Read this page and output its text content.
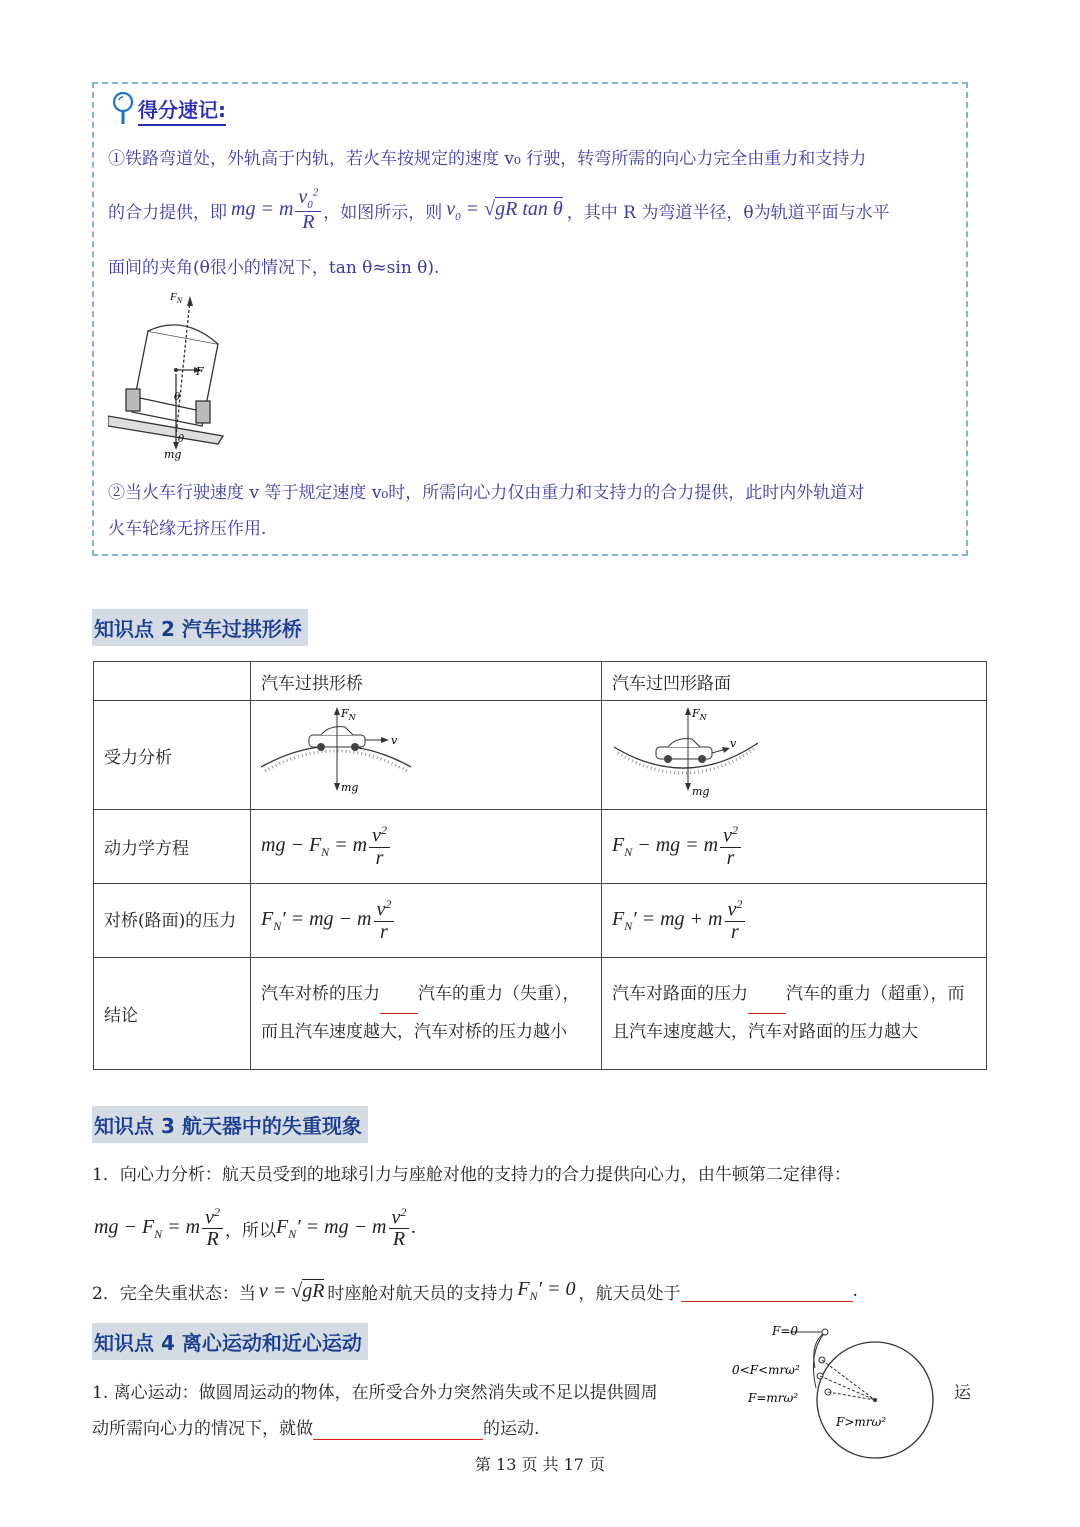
得分速记:
①铁路弯道处，外轨高于内轨，若火车按规定的速度 v₀ 行驶，转弯所需的向心力完全由重力和支持力
的合力提供，即 mg = m $\frac{v_0^2}{R}$ ，如图所示，则 $v_0 = √gR$ tan θ ，其中 R 为弯道半径，θ为轨道平面与水平
面间的夹角(θ很小的情况下，tan θ≈sin θ).
$F_N$
F
θ
θ
mg
②当火车行驶速度 v 等于规定速度 v₀时，所需向心力仅由重力和支持力的合力提供，此时内外轨道对
火车轮缘无挤压作用.
知识点 2 汽车过拱形桥
	汽车过拱形桥	汽车过凹形路面
受力分析	$F_N$
v
mg	$F_N$
v
mg

动力学方程	mg − $F_N = m \frac{v^2}{r}$	$F_N$ − mg = m $\frac{v^2}{r}$

对桥(路面)的压力	$F_N'$ = mg − m $\frac{v^2}{r}$	$F_N'$ = mg + m $\frac{v^2}{r}$

结论	汽车对桥的压力 汽车的重力（失重），而且汽车速度越大，汽车对桥的压力越小	汽车对路面的压力 汽车的重力（超重），而且汽车速度越大，汽车对路面的压力越大
知识点 3 航天器中的失重现象
1．向心力分析：航天员受到的地球引力与座舱对他的支持力的合力提供向心力，由牛顿第二定律得：
mg − $F_N = m \frac{v^2}{R}$ ，所以 $F_N'$ = mg − m $\frac{v^2}{R}$ .
2．完全失重状态：当 v = √gR 时座舱对航天员的支持力 $F_N' = 0$ ，航天员处于
	.
知识点 4 离心运动和近心运动
1. 离心运动：做圆周运动的物体，在所受合外力突然消失或不足以提供圆周
动所需向心力的情况下，就做	的运动.
运
F=0
0<F<mrω²
F=mrω²
F>mrω²
第 13 页 共 17 页
